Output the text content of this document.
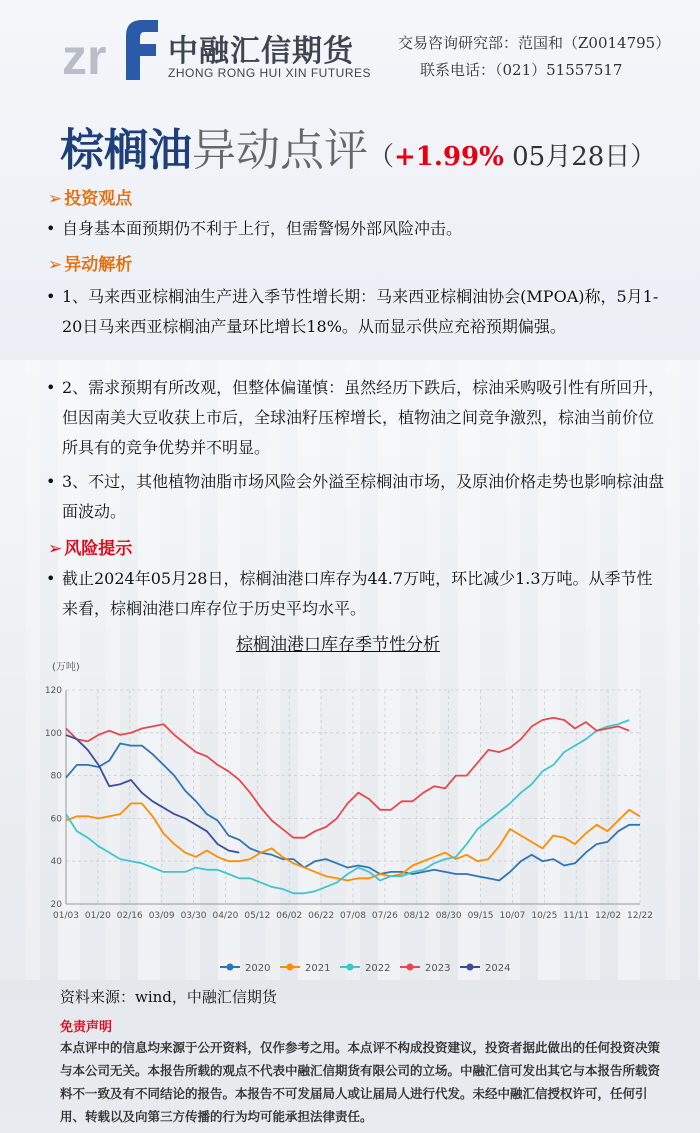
zr 中融汇信期货
ZHONG RONG HUI XIN FUTURES
交易咨询研究部：范国和（Z0014795）
联系电话：（021）51557517
棕榈油异动点评（+1.99% 05月28日）
➢ 投资观点
• 自身基本面预期仍不利于上行，但需警惕外部风险冲击。
➢ 异动解析
• 1、马来西亚棕榈油生产进入季节性增长期：马来西亚棕榈油协会(MPOA)称，5月1-20日马来西亚棕榈油产量环比增长18%。从而显示供应充裕预期偏强。
• 2、需求预期有所改观，但整体偏谨慎：虽然经历下跌后，棕油采购吸引性有所回升，但因南美大豆收获上市后，全球油籽压榨增长，植物油之间竞争激烈，棕油当前价位所具有的竞争优势并不明显。
• 3、不过，其他植物油脂市场风险会外溢至棕榈油市场，及原油价格走势也影响棕油盘面波动。
➢ 风险提示
• 截止2024年05月28日，棕榈油港口库存为44.7万吨，环比减少1.3万吨。从季节性来看，棕榈油港口库存位于历史平均水平。
棕榈油港口库存季节性分析
(万吨)
20
40
60
80
100
120
01/03 01/20 02/16 03/09 03/30 04/20 05/12 06/02 06/22 07/08 07/26 08/12 08/30 09/15 10/07 10/25 11/11 12/02 12/22
2020	2021	2022	2023	2024
资料来源：wind，中融汇信期货
免责声明
本点评中的信息均来源于公开资料，仅作参考之用。本点评不构成投资建议，投资者据此做出的任何投资决策与本公司无关。本报告所载的观点不代表中融汇信期货有限公司的立场。中融汇信可发出其它与本报告所载资料不一致及有不同结论的报告。本报告不可发届局人或让届局人进行代发。未经中融汇信授权许可，任何引用、转载以及向第三方传播的行为均可能承担法律责任。
